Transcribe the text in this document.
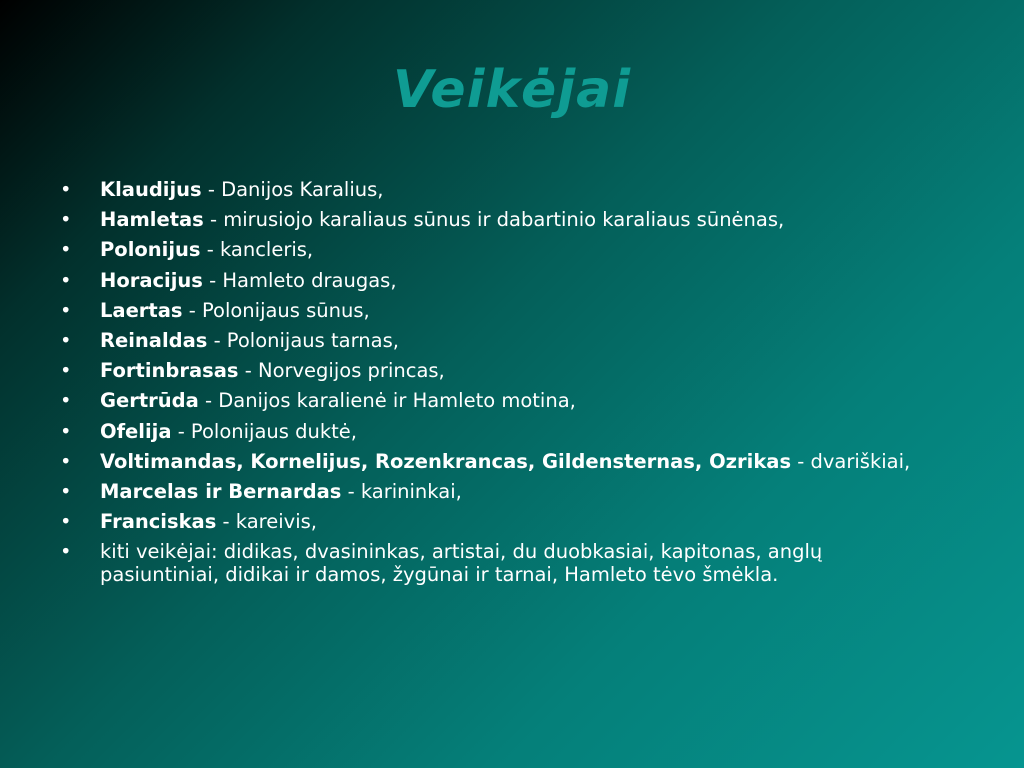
Veikėjai
• Klaudijus - Danijos Karalius,
• Hamletas - mirusiojo karaliaus sūnus ir dabartinio karaliaus sūnėnas,
• Polonijus - kancleris,
• Horacijus - Hamleto draugas,
• Laertas - Polonijaus sūnus,
• Reinaldas - Polonijaus tarnas,
• Fortinbrasas - Norvegijos princas,
• Gertrūda - Danijos karalienė ir Hamleto motina,
• Ofelija - Polonijaus duktė,
• Voltimandas, Kornelijus, Rozenkrancas, Gildensternas, Ozrikas - dvariškiai,
• Marcelas ir Bernardas - karininkai,
• Franciskas - kareivis,
• kiti veikėjai: didikas, dvasininkas, artistai, du duobkasiai, kapitonas, anglų pasiuntiniai, didikai ir damos, žygūnai ir tarnai, Hamleto tėvo šmėkla.
